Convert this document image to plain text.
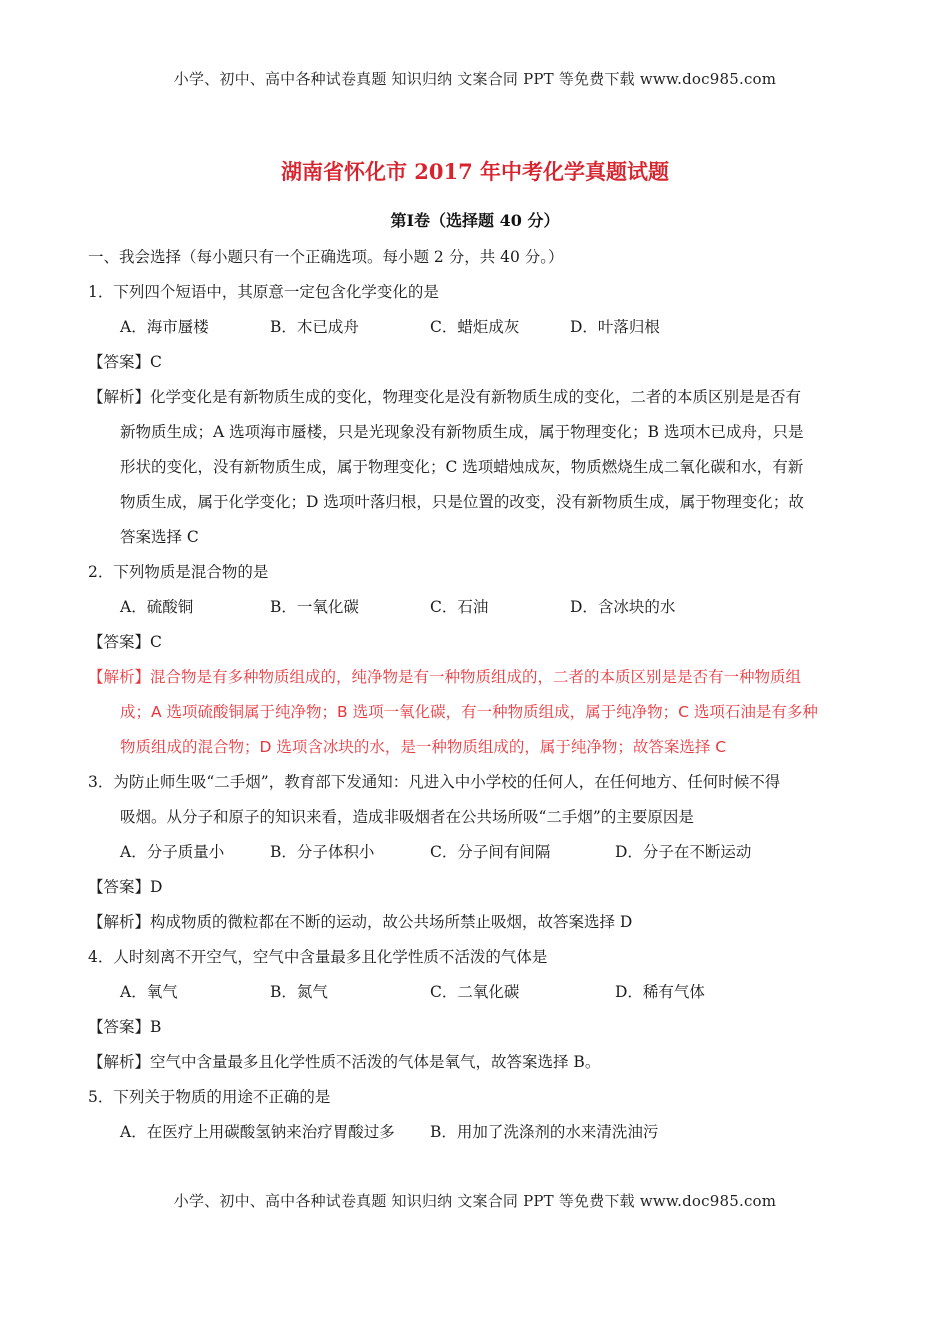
小学、初中、高中各种试卷真题 知识归纳 文案合同 PPT 等免费下载 www.doc985.com
湖南省怀化市 2017 年中考化学真题试题
第Ⅰ卷（选择题 40 分）
一、我会选择（每小题只有一个正确选项。每小题 2 分，共 40 分。）
1．下列四个短语中，其原意一定包含化学变化的是
A．海市蜃楼	B．木已成舟	C．蜡炬成灰	D．叶落归根
【答案】C
【解析】化学变化是有新物质生成的变化，物理变化是没有新物质生成的变化，二者的本质区别是是否有
新物质生成；A 选项海市蜃楼，只是光现象没有新物质生成，属于物理变化；B 选项木已成舟，只是
形状的变化，没有新物质生成，属于物理变化；C 选项蜡烛成灰，物质燃烧生成二氧化碳和水，有新
物质生成，属于化学变化；D 选项叶落归根，只是位置的改变，没有新物质生成，属于物理变化；故
答案选择 C
2．下列物质是混合物的是
A．硫酸铜	B．一氧化碳	C．石油	D．含冰块的水
【答案】C
【解析】混合物是有多种物质组成的，纯净物是有一种物质组成的，二者的本质区别是是否有一种物质组
成；A 选项硫酸铜属于纯净物；B 选项一氧化碳，有一种物质组成，属于纯净物；C 选项石油是有多种
物质组成的混合物；D 选项含冰块的水，是一种物质组成的，属于纯净物；故答案选择 C
3．为防止师生吸“二手烟”，教育部下发通知：凡进入中小学校的任何人，在任何地方、任何时候不得
吸烟。从分子和原子的知识来看，造成非吸烟者在公共场所吸“二手烟”的主要原因是
A．分子质量小	B．分子体积小	C．分子间有间隔	D．分子在不断运动
【答案】D
【解析】构成物质的微粒都在不断的运动，故公共场所禁止吸烟，故答案选择 D
4．人时刻离不开空气，空气中含量最多且化学性质不活泼的气体是
A．氧气	B．氮气	C．二氧化碳	D．稀有气体
【答案】B
【解析】空气中含量最多且化学性质不活泼的气体是氧气，故答案选择 B。
5．下列关于物质的用途不正确的是
A．在医疗上用碳酸氢钠来治疗胃酸过多	B．用加了洗涤剂的水来清洗油污
小学、初中、高中各种试卷真题 知识归纳 文案合同 PPT 等免费下载 www.doc985.com
